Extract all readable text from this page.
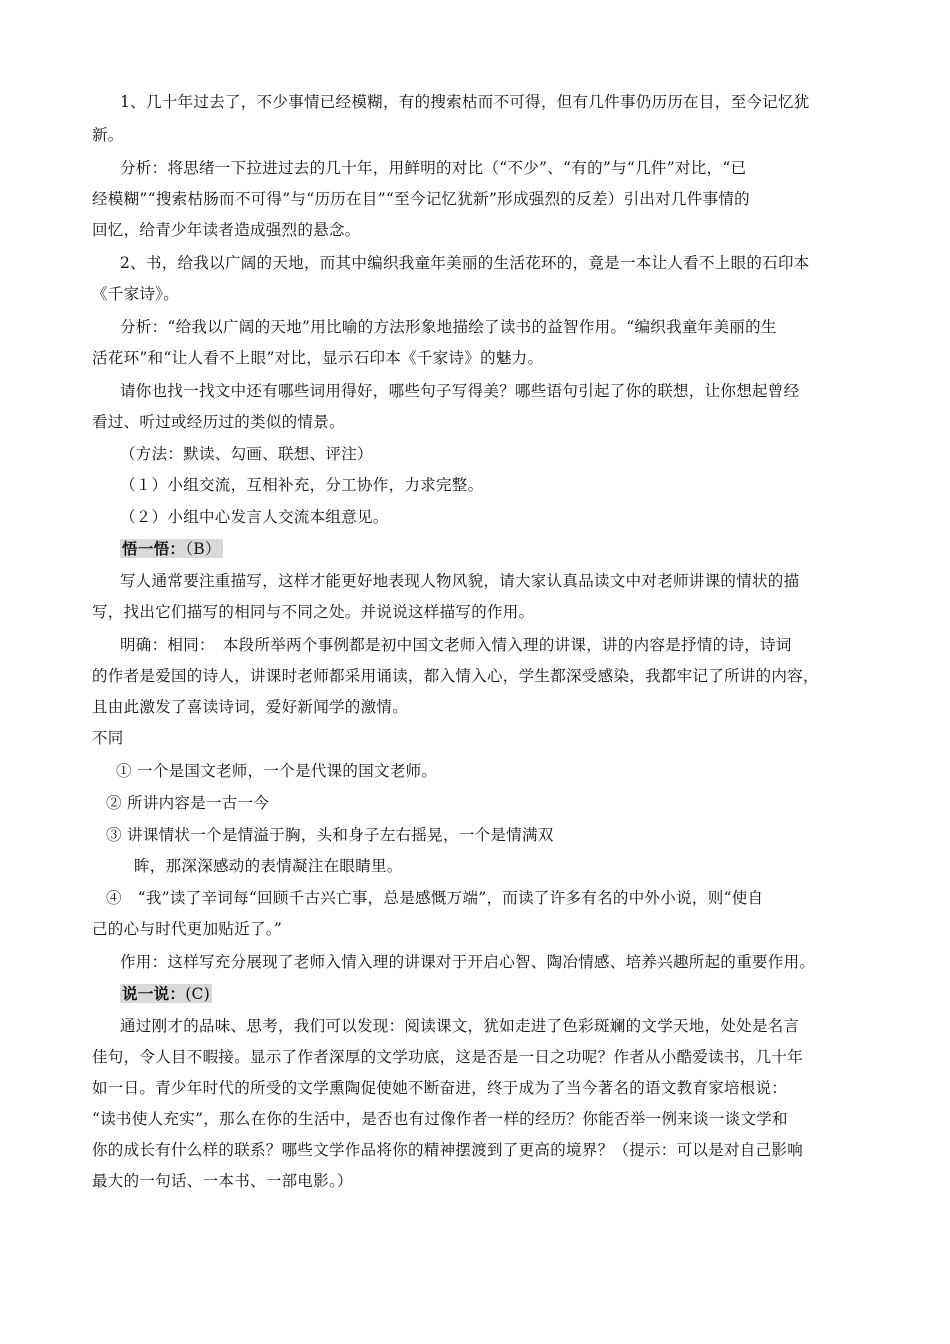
1、几十年过去了，不少事情已经模糊，有的搜索枯而不可得，但有几件事仍历历在目，至今记忆犹
新。
分析：将思绪一下拉进过去的几十年，用鲜明的对比（“不少”、“有的”与“几件”对比，“已
经模糊”“搜索枯肠而不可得”与“历历在目”“至今记忆犹新”形成强烈的反差）引出对几件事情的
回忆，给青少年读者造成强烈的悬念。
2、书，给我以广阔的天地，而其中编织我童年美丽的生活花环的，竟是一本让人看不上眼的石印本
《千家诗》。
分析：“给我以广阔的天地”用比喻的方法形象地描绘了读书的益智作用。“编织我童年美丽的生
活花环”和“让人看不上眼”对比，显示石印本《千家诗》的魅力。
请你也找一找文中还有哪些词用得好，哪些句子写得美？哪些语句引起了你的联想，让你想起曾经
看过、听过或经历过的类似的情景。
（方法：默读、勾画、联想、评注）
（１）小组交流，互相补充，分工协作，力求完整。
（２）小组中心发言人交流本组意见。
悟一悟：（B）
写人通常要注重描写，这样才能更好地表现人物风貌，请大家认真品读文中对老师讲课的情状的描
写，找出它们描写的相同与不同之处。并说说这样描写的作用。
明确：相同：　本段所举两个事例都是初中国文老师入情入理的讲课，讲的内容是抒情的诗，诗词
的作者是爱国的诗人，讲课时老师都采用诵读，都入情入心，学生都深受感染，我都牢记了所讲的内容，
且由此激发了喜读诗词，爱好新闻学的激情。
不同
① 一个是国文老师，一个是代课的国文老师。
② 所讲内容是一古一今
③ 讲课情状一个是情溢于胸，头和身子左右摇晃，一个是情满双
眸，那深深感动的表情凝注在眼睛里。
④　“我”读了辛词每“回顾千古兴亡事，总是感慨万端”，而读了许多有名的中外小说，则“使自
己的心与时代更加贴近了。”
作用：这样写充分展现了老师入情入理的讲课对于开启心智、陶冶情感、培养兴趣所起的重要作用。
说一说：(C)
通过刚才的品味、思考，我们可以发现：阅读课文，犹如走进了色彩斑斓的文学天地，处处是名言
佳句，令人目不暇接。显示了作者深厚的文学功底，这是否是一日之功呢？作者从小酷爱读书，几十年
如一日。青少年时代的所受的文学熏陶促使她不断奋进，终于成为了当今著名的语文教育家培根说：
“读书使人充实”，那么在你的生活中，是否也有过像作者一样的经历？你能否举一例来谈一谈文学和
你的成长有什么样的联系？哪些文学作品将你的精神摆渡到了更高的境界？（提示：可以是对自己影响
最大的一句话、一本书、一部电影。）
